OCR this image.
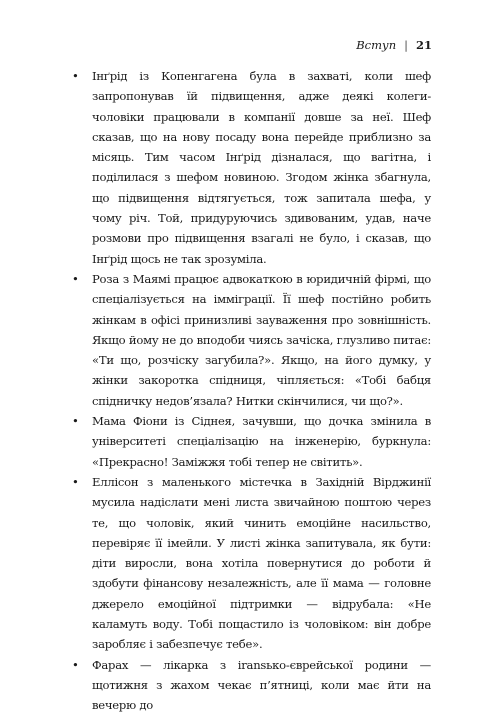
Вступ | 21
• Інґрід із Копенгагена була в захваті, коли шеф запропонував їй підвищення, адже деякі колеги-чоловіки працювали в компанії довше за неї. Шеф сказав, що на нову посаду вона перейде приблизно за місяць. Тим часом Інґрід дізналася, що вагітна, і поділилася з шефом новиною. Згодом жінка збагнула, що підвищення відтягується, тож запитала шефа, у чому річ. Той, придуруючись здивованим, удав, наче розмови про підвищення взагалі не було, і сказав, що Інґрід щось не так зрозуміла.
• Роза з Маямі працює адвокаткою в юридичній фірмі, що спеціалізується на імміграції. Її шеф постійно робить жінкам в офісі принизливі зауваження про зовнішність. Якщо йому не до вподоби чиясь зачіска, глузливо питає: «Ти що, розчіску загубила?». Якщо, на його думку, у жінки закоротка спідниця, чіпляється: «Тобі бабця спідничку недов’язала? Нитки скінчилися, чи що?».
• Мама Фіони із Сіднея, зачувши, що дочка змінила в університеті спеціалізацію на інженерію, буркнула: «Прекрасно! Заміжжя тобі тепер не світить».
• Еллісон з маленького містечка в Західній Вірджинії мусила надіслати мені листа звичайною поштою через те, що чоловік, який чинить емоційне насильство, перевіряє її імейли. У листі жінка запитувала, як бути: діти виросли, вона хотіла повернутися до роботи й здобути фінансову незалежність, але її мама — головне джерело емоційної підтримки — відрубала: «Не каламуть воду. Тобі пощастило із чоловіком: він добре заробляє і забезпечує тебе».
• Фарах — лікарка з іransько-єврейської родини — щотижня з жахом чекає п’ятниці, коли має йти на вечерю до
